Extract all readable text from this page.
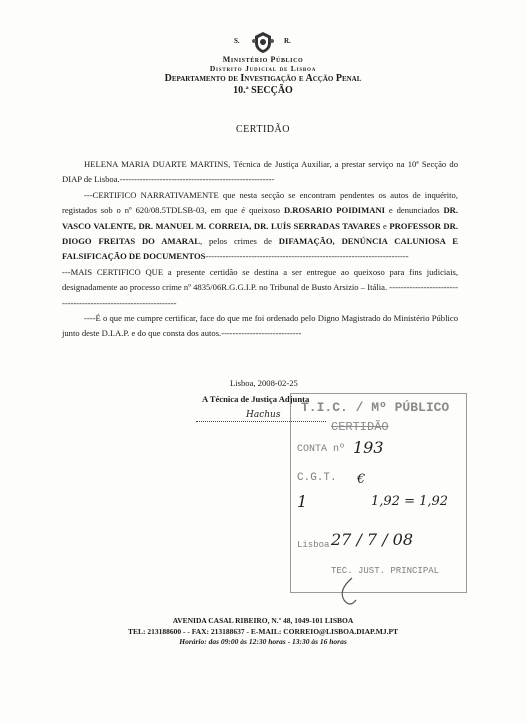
S.	R.
Ministério Público
Distrito Judicial de Lisboa
Departamento de Investigação e Acção Penal
10.ª SECÇÃO
CERTIDÃO

HELENA MARIA DUARTE MARTINS, Técnica de Justiça Auxiliar, a prestar serviço na 10ª Secção do DIAP de Lisboa.------------------------------------------------------

---CERTIFICO NARRATIVAMENTE que nesta secção se encontram pendentes os autos de inquérito, registados sob o nº 620/08.5TDLSB-03, em que é queixoso D.ROSARIO POIDIMANI e denunciados DR. VASCO VALENTE, DR. MANUEL M. CORREIA, DR. LUÍS SERRADAS TAVARES e PROFESSOR DR. DIOGO FREITAS DO AMARAL, pelos crimes de DIFAMAÇÃO, DENÚNCIA CALUNIOSA E FALSIFICAÇÃO DE DOCUMENTOS-----------------------------------------------------------------------

---MAIS CERTIFICO QUE a presente certidão se destina a ser entregue ao queixoso para fins judiciais, designadamente ao processo crime nº 4835/06R.G.G.I.P. no Tribunal de Busto Arsizio – Itália. ----------------------------------------------------------------

----É o que me cumpre certificar, face do que me foi ordenado pelo Digno Magistrado do Ministério Público junto deste D.I.A.P. e do que consta dos autos.----------------------------

Lisboa, 2008-02-25
A Técnica de Justiça Adjunta
Hachus T.I.C. / Mº PÚBLICO
CERTIDÃO
CONTA nº 193
C.G.T. €
1	1,92 = 1,92
Lisboa 27 / 7 / 08
TEC. JUST. PRINCIPAL
AVENIDA CASAL RIBEIRO, N.º 48, 1049-101 LISBOA
TEL: 213188600 - - FAX: 213188637 - E-MAIL: CORREIO@LISBOA.DIAP.MJ.PT
Horário: das 09:00 às 12:30 horas - 13:30 às 16 horas
